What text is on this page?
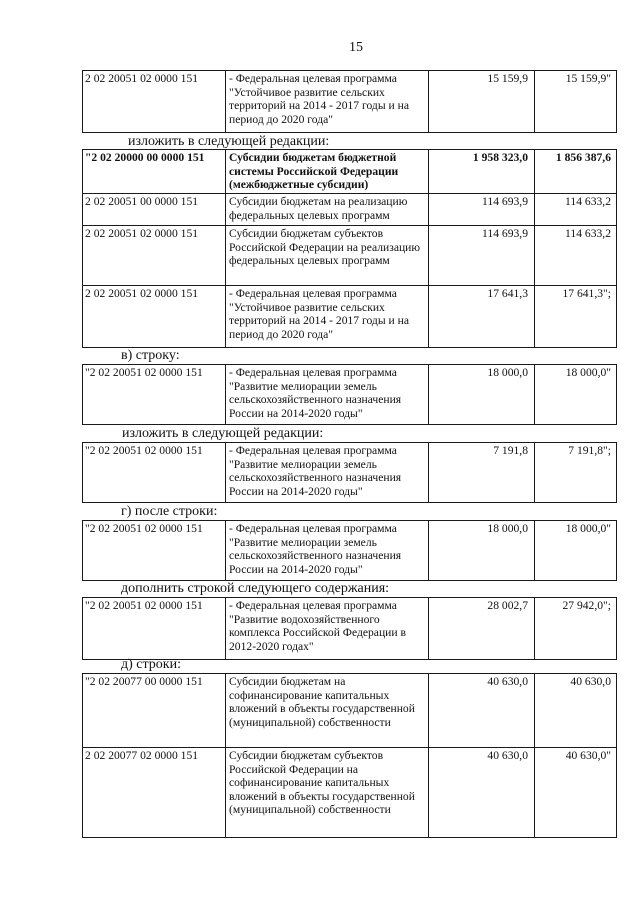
15
2 02 20051 02 0000 151	- Федеральная целевая программа "Устойчивое развитие сельских территорий на 2014 - 2017 годы и на период до 2020 года"	15 159,9	15 159,9"
изложить в следующей редакции:
"2 02 20000 00 0000 151	Субсидии бюджетам бюджетной системы Российской Федерации (межбюджетные субсидии)	1 958 323,0	1 856 387,6
2 02 20051 00 0000 151	Субсидии бюджетам на реализацию федеральных целевых программ	114 693,9	114 633,2
2 02 20051 02 0000 151	Субсидии бюджетам субъектов Российской Федерации на реализацию федеральных целевых программ	114 693,9	114 633,2
2 02 20051 02 0000 151	- Федеральная целевая программа "Устойчивое развитие сельских территорий на 2014 - 2017 годы и на период до 2020 года"	17 641,3	17 641,3";
в) строку:
"2 02 20051 02 0000 151	- Федеральная целевая программа "Развитие мелиорации земель сельскохозяйственного назначения России на 2014-2020 годы"	18 000,0	18 000,0"
изложить в следующей редакции:
"2 02 20051 02 0000 151	- Федеральная целевая программа "Развитие мелиорации земель сельскохозяйственного назначения России на 2014-2020 годы"	7 191,8	7 191,8";
г) после строки:
"2 02 20051 02 0000 151	- Федеральная целевая программа "Развитие мелиорации земель сельскохозяйственного назначения России на 2014-2020 годы"	18 000,0	18 000,0"
дополнить строкой следующего содержания:
"2 02 20051 02 0000 151	- Федеральная целевая программа "Развитие водохозяйственного комплекса Российской Федерации в 2012-2020 годах"	28 002,7	27 942,0";
д) строки:
"2 02 20077 00 0000 151	Субсидии бюджетам на софинансирование капитальных вложений в объекты государственной (муниципальной) собственности	40 630,0	40 630,0
2 02 20077 02 0000 151	Субсидии бюджетам субъектов Российской Федерации на софинансирование капитальных вложений в объекты государственной (муниципальной) собственности	40 630,0	40 630,0"
